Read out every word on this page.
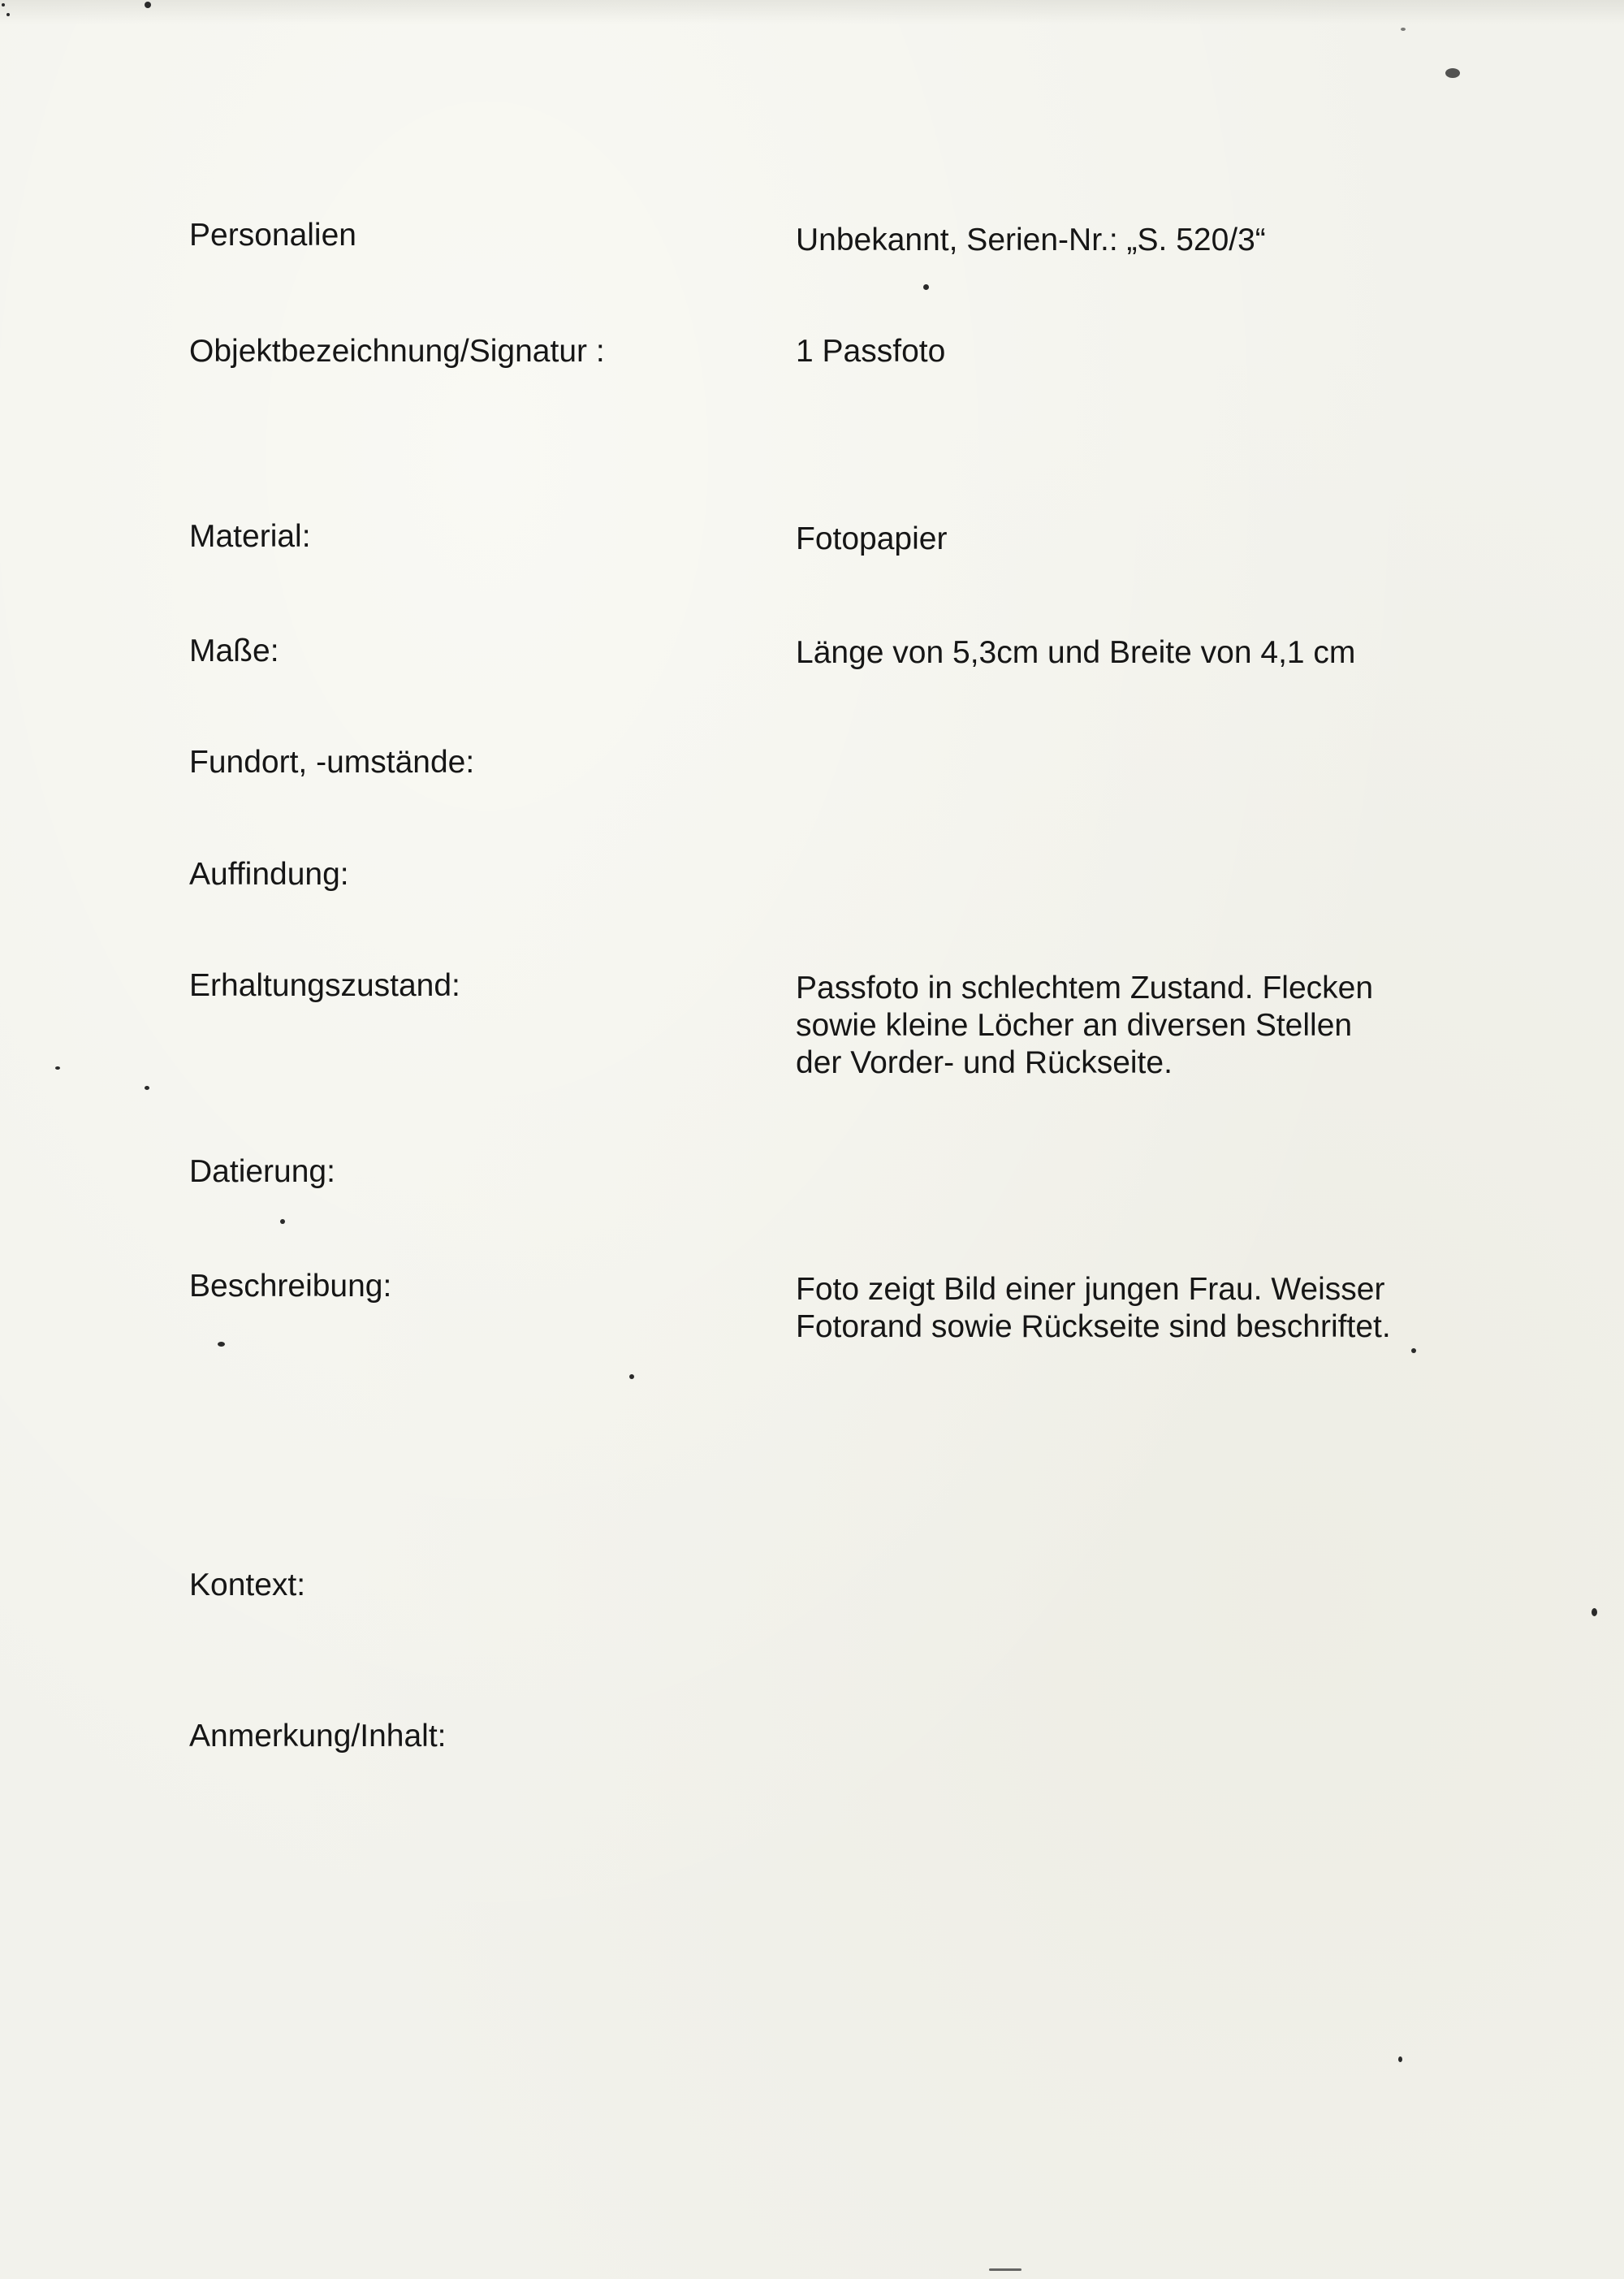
Personalien	Unbekannt, Serien-Nr.: „S. 520/3“
Objektbezeichnung/Signatur :	1 Passfoto
Material:	Fotopapier
Maße:	Länge von 5,3cm und Breite von 4,1 cm
Fundort, -umstände:
Auffindung:
Erhaltungszustand:	Passfoto in schlechtem Zustand. Flecken
sowie kleine Löcher an diversen Stellen
der Vorder- und Rückseite.
Datierung:
Beschreibung:	Foto zeigt Bild einer jungen Frau. Weisser
Fotorand sowie Rückseite sind beschriftet.
Kontext:
Anmerkung/Inhalt:
